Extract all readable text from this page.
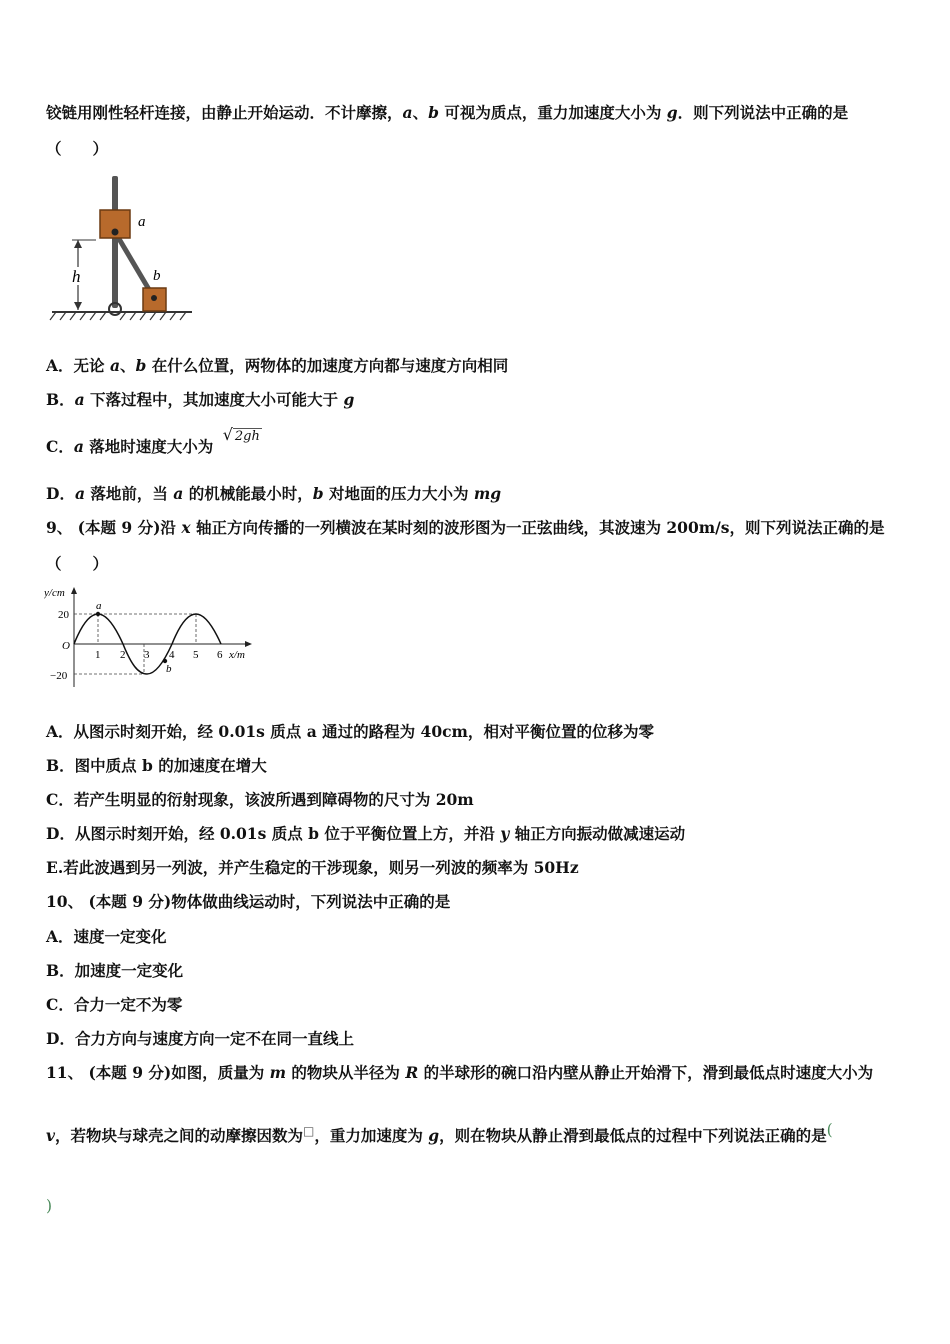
铰链用刚性轻杆连接，由静止开始运动．不计摩擦，a、b 可视为质点，重力加速度大小为 g．则下列说法中正确的是
（　　）
a
b
h
A．无论 a、b 在什么位置，两物体的加速度方向都与速度方向相同
B．a 下落过程中，其加速度大小可能大于 g
C．a 落地时速度大小为 √ 2gh
D．a 落地前，当 a 的机械能最小时，b 对地面的压力大小为 mg
9、 (本题 9 分)沿 x 轴正方向传播的一列横波在某时刻的波形图为一正弦曲线，其波速为 200m/s，则下列说法正确的是
（　　）
y/cm
x/m
O
20
−20
1 2 3 4 5 6
a
b
A．从图示时刻开始，经 0.01s 质点 a 通过的路程为 40cm，相对平衡位置的位移为零
B．图中质点 b 的加速度在增大
C．若产生明显的衍射现象，该波所遇到障碍物的尺寸为 20m
D．从图示时刻开始，经 0.01s 质点 b 位于平衡位置上方，并沿 y 轴正方向振动做减速运动
E.若此波遇到另一列波，并产生稳定的干涉现象，则另一列波的频率为 50Hz
10、 (本题 9 分)物体做曲线运动时，下列说法中正确的是
A．速度一定变化
B．加速度一定变化
C．合力一定不为零
D．合力方向与速度方向一定不在同一直线上
11、 (本题 9 分)如图，质量为 m 的物块从半径为 R 的半球形的碗口沿内壁从静止开始滑下，滑到最低点时速度大小为
v，若物块与球壳之间的动摩擦因数为□，重力加速度为 g，则在物块从静止滑到最低点的过程中下列说法正确的是(
)
